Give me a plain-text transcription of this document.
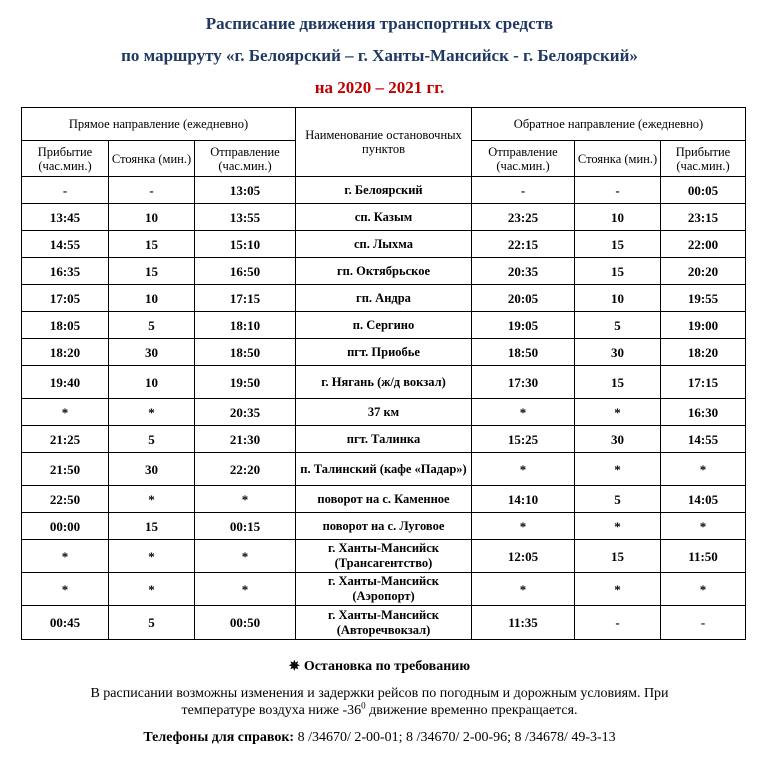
Расписание движения транспортных средств
по маршруту «г. Белоярский – г. Ханты-Мансийск - г. Белоярский»
на 2020 – 2021 гг.
Прямое направление (ежедневно)			Наименование остановочных пунктов	Обратное направление (ежедневно)		
Прибытие (час.мин.)	Стоянка (мин.)	Отправление (час.мин.)		Отправление (час.мин.)	Стоянка (мин.)	Прибытие (час.мин.)
-	-	13:05	г. Белоярский	-	-	00:05
13:45	10	13:55	сп. Казым	23:25	10	23:15
14:55	15	15:10	сп. Лыхма	22:15	15	22:00
16:35	15	16:50	гп. Октябрьское	20:35	15	20:20
17:05	10	17:15	гп. Андра	20:05	10	19:55
18:05	5	18:10	п. Сергино	19:05	5	19:00
18:20	30	18:50	пгт. Приобье	18:50	30	18:20
19:40	10	19:50	г. Нягань (ж/д вокзал)	17:30	15	17:15
*	*	20:35	37 км	*	*	16:30
21:25	5	21:30	пгт. Талинка	15:25	30	14:55
21:50	30	22:20	п. Талинский (кафе «Падар»)	*	*	*
22:50	*	*	поворот на с. Каменное	14:10	5	14:05
00:00	15	00:15	поворот на с. Луговое	*	*	*
*	*	*	г. Ханты-Мансийск (Трансагентство)	12:05	15	11:50
*	*	*	г. Ханты-Мансийск (Аэропорт)	*	*	*
00:45	5	00:50	г. Ханты-Мансийск (Авторечвокзал)	11:35	-	-
✵ Остановка по требованию
В расписании возможны изменения и задержки рейсов по погодным и дорожным условиям. При температуре воздуха ниже $-36^0$ движение временно прекращается.
Телефоны для справок: 8 /34670/ 2-00-01; 8 /34670/ 2-00-96; 8 /34678/ 49-3-13
